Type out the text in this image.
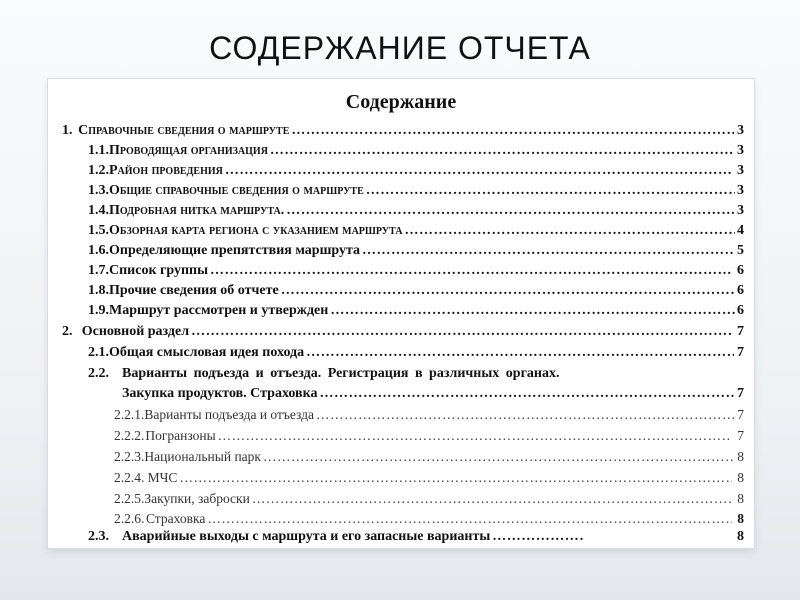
СОДЕРЖАНИЕ ОТЧЕТА
Содержание
1. Справочные сведения о маршруте ……………………………………………………………………………………………………………………………………………………………………………………	3
1.1. Проводящая организация ……………………………………………………………………………………………………………………………………………………………………………………	3
1.2. Район проведения ……………………………………………………………………………………………………………………………………………………………………………………	3
1.3. Общие справочные сведения о маршруте ……………………………………………………………………………………………………………………………………………………………………………………	3
1.4. Подробная нитка маршрута. ……………………………………………………………………………………………………………………………………………………………………………………	3
1.5. Обзорная карта региона с указанием маршрута ……………………………………………………………………………………………………………………………………………………………………………………	4
1.6. Определяющие препятствия маршрута ……………………………………………………………………………………………………………………………………………………………………………………	5
1.7. Список группы ……………………………………………………………………………………………………………………………………………………………………………………	6
1.8. Прочие сведения об отчете ……………………………………………………………………………………………………………………………………………………………………………………	6
1.9. Маршрут рассмотрен и утвержден ……………………………………………………………………………………………………………………………………………………………………………………	6
2. Основной раздел ……………………………………………………………………………………………………………………………………………………………………………………	7
2.1. Общая смысловая идея похода ……………………………………………………………………………………………………………………………………………………………………………………	7
2.2. Варианты подъезда и отъезда. Регистрация в различных органах.
Закупка продуктов. Страховка ……………………………………………………………………………………………………………………………………………………………………………………	7
2.2.1. Варианты подъезда и отъезда ……………………………………………………………………………………………………………………………………………………………………………………	7
2.2.2. Погранзоны ……………………………………………………………………………………………………………………………………………………………………………………	7
2.2.3. Национальный парк ……………………………………………………………………………………………………………………………………………………………………………………	8
2.2.4. МЧС ……………………………………………………………………………………………………………………………………………………………………………………	8
2.2.5. Закупки, заброски ……………………………………………………………………………………………………………………………………………………………………………………	8
2.2.6. Страховка ……………………………………………………………………………………………………………………………………………………………………………………	8
2.3. Аварийные выходы с маршрута и его запасные варианты ……………………………………………………………………………………………………………………………………………………………………………………	8
